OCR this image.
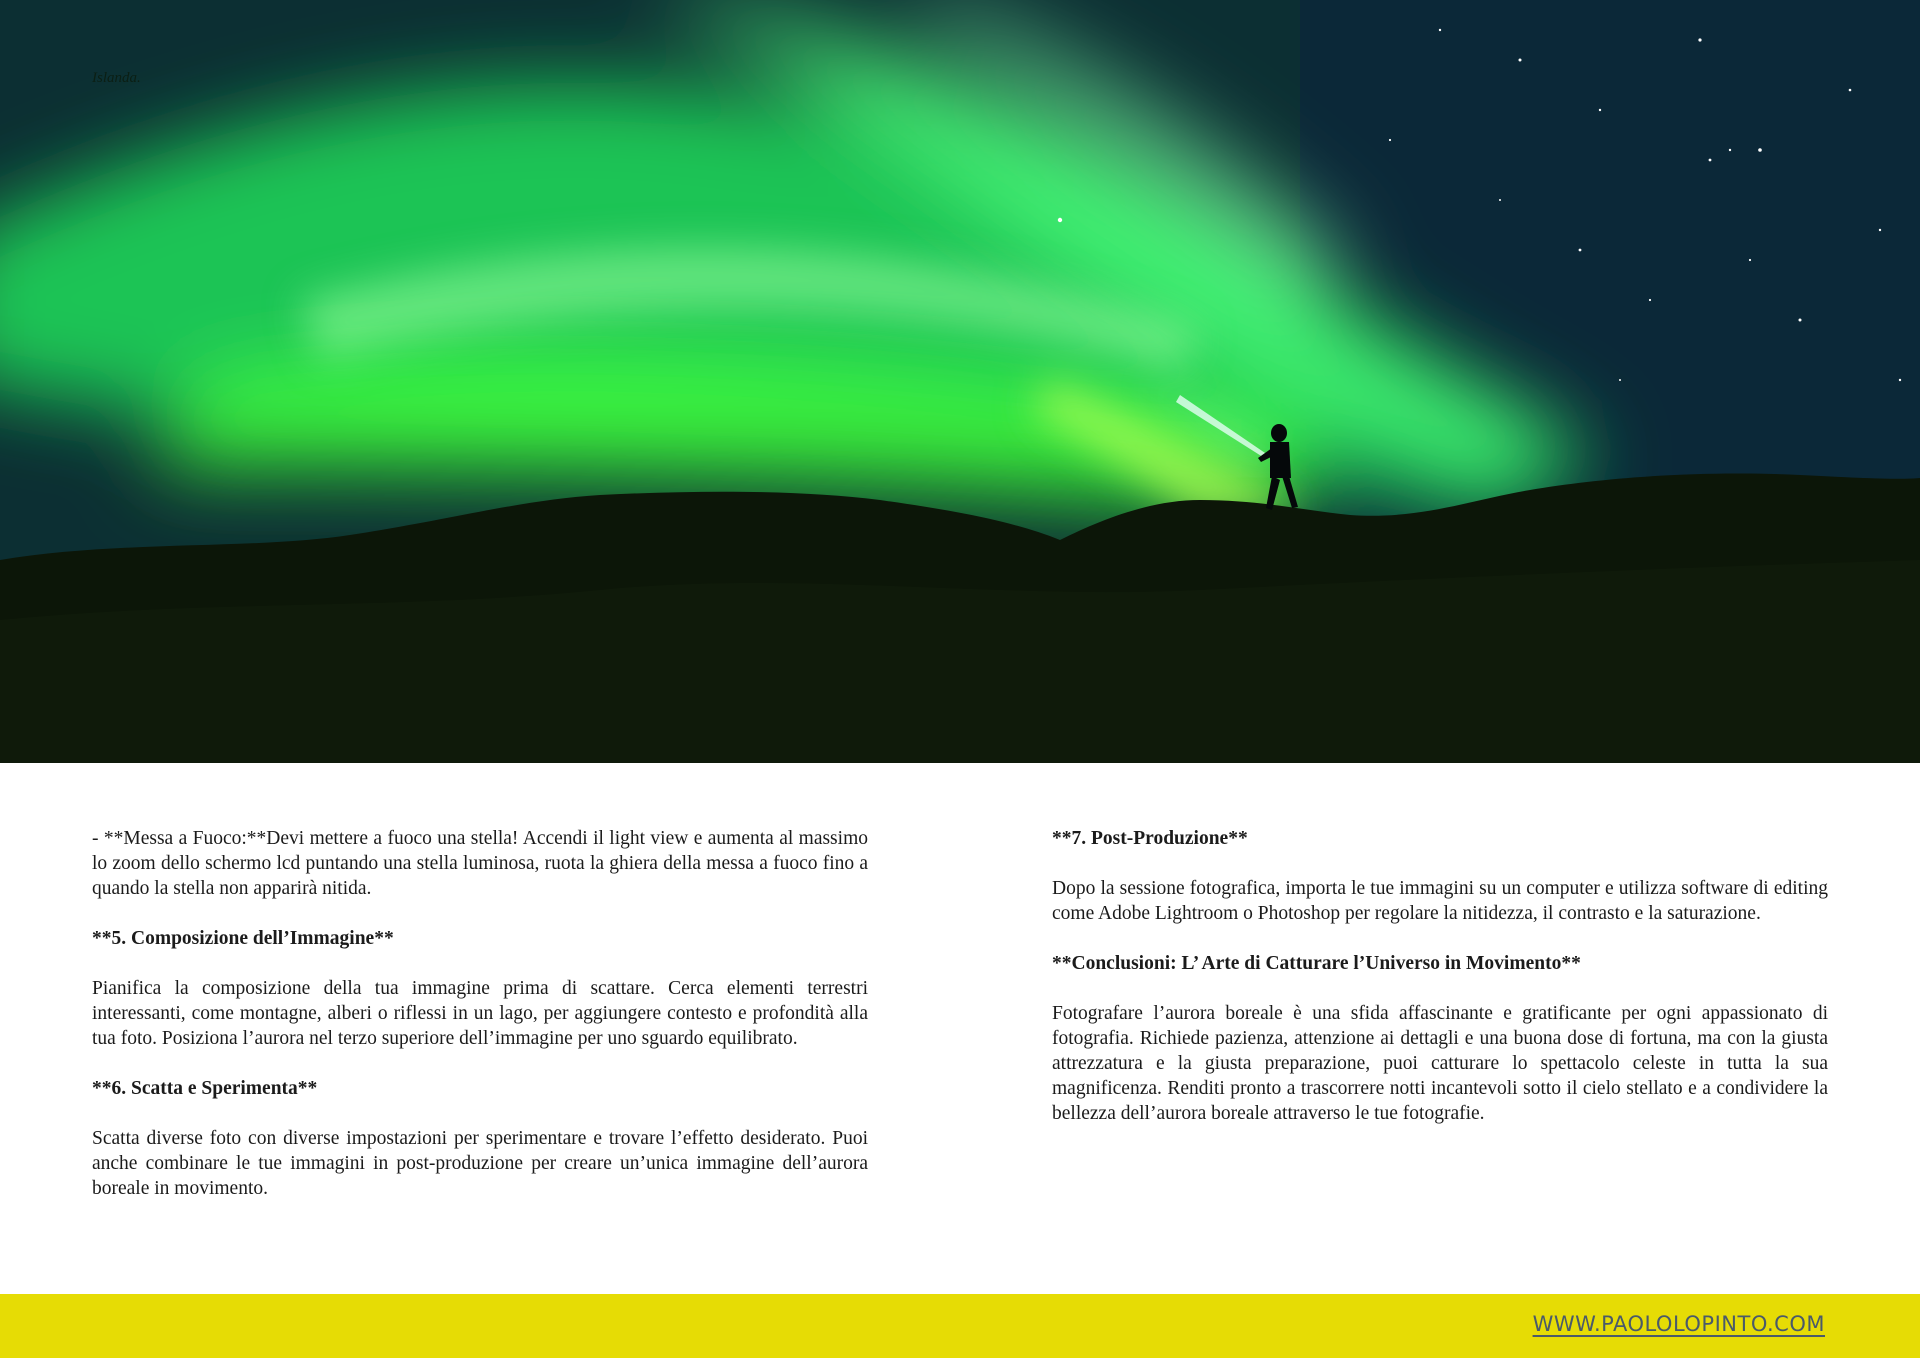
Islanda.

- **Messa a Fuoco:**Devi mettere a fuoco una stella! Accendi il light view e aumenta al massimo lo zoom dello schermo lcd puntando una stella luminosa, ruota la ghiera della messa a fuoco fino a quando la stella non apparirà nitida.

**5. Composizione dell’Immagine**

Pianifica la composizione della tua immagine prima di scattare. Cerca elementi terrestri interessanti, come montagne, alberi o riflessi in un lago, per aggiungere contesto e profondità alla tua foto. Posiziona l’aurora nel terzo superiore dell’immagine per uno sguardo equilibrato.

**6. Scatta e Sperimenta**

Scatta diverse foto con diverse impostazioni per sperimentare e trovare l’effetto desiderato. Puoi anche combinare le tue immagini in post-produzione per creare un’unica immagine dell’aurora boreale in movimento.

**7. Post-Produzione**

Dopo la sessione fotografica, importa le tue immagini su un computer e utilizza software di editing come Adobe Lightroom o Photoshop per regolare la nitidezza, il contrasto e la saturazione.

**Conclusioni: L’ Arte di Catturare l’Universo in Movimento**

Fotografare l’aurora boreale è una sfida affascinante e gratificante per ogni appassionato di fotografia. Richiede pazienza, attenzione ai dettagli e una buona dose di fortuna, ma con la giusta attrezzatura e la giusta preparazione, puoi catturare lo spettacolo celeste in tutta la sua magnificenza. Renditi pronto a trascorrere notti incantevoli sotto il cielo stellato e a condividere la bellezza dell’aurora boreale attraverso le tue fotografie.

WWW.PAOLOLOPINTO.COM
